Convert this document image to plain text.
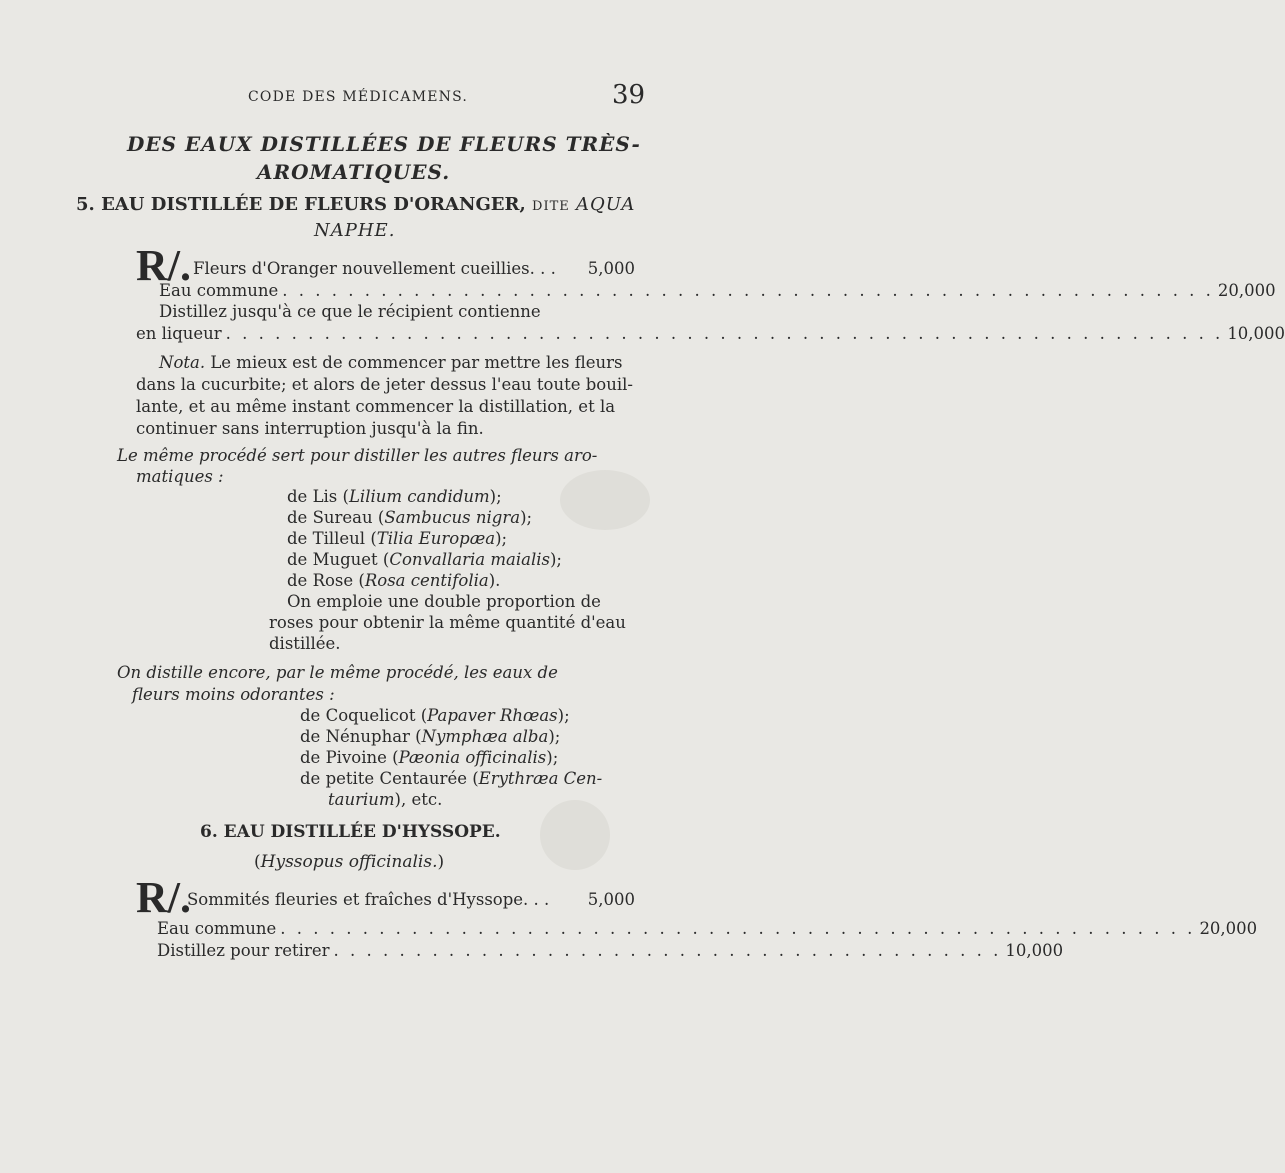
CODE DES MÉDICAMENS.	39
DES EAUX DISTILLÉES DE FLEURS TRÈS-
AROMATIQUES.
5. EAU DISTILLÉE DE FLEURS D'ORANGER, DITE AQUA
NAPHE.
R/. Fleurs d'Oranger nouvellement cueillies. . . 5,000
Eau commune . . . . . . . . . . . . . . . . . . . . . . . . . . . . . . . . . . . . . . . . . . . . . . . . . . . . . . . . . 20,000
Distillez jusqu'à ce que le récipient contienne
en liqueur . . . . . . . . . . . . . . . . . . . . . . . . . . . . . . . . . . . . . . . . . . . . . . . . . . . . . . . . . . . . . 10,000
Nota. Le mieux est de commencer par mettre les fleurs
dans la cucurbite; et alors de jeter dessus l'eau toute bouil-
lante, et au même instant commencer la distillation, et la
continuer sans interruption jusqu'à la fin.
Le même procédé sert pour distiller les autres fleurs aro-
matiques :
de Lis (Lilium candidum);
de Sureau (Sambucus nigra);
de Tilleul (Tilia Europæa);
de Muguet (Convallaria maialis);
de Rose (Rosa centifolia).
On emploie une double proportion de
roses pour obtenir la même quantité d'eau
distillée.
On distille encore, par le même procédé, les eaux de
fleurs moins odorantes :
de Coquelicot (Papaver Rhœas);
de Nénuphar (Nymphæa alba);
de Pivoine (Pæonia officinalis);
de petite Centaurée (Erythræa Cen-
taurium), etc.
6. EAU DISTILLÉE D'HYSSOPE.
(Hyssopus officinalis.)
R/.
Sommités fleuries et fraîches d'Hyssope. . . 5,000
Eau commune . . . . . . . . . . . . . . . . . . . . . . . . . . . . . . . . . . . . . . . . . . . . . . . . . . . . . . . . 20,000
Distillez pour retirer . . . . . . . . . . . . . . . . . . . . . . . . . . . . . . . . . . . . . . . . . 10,000
